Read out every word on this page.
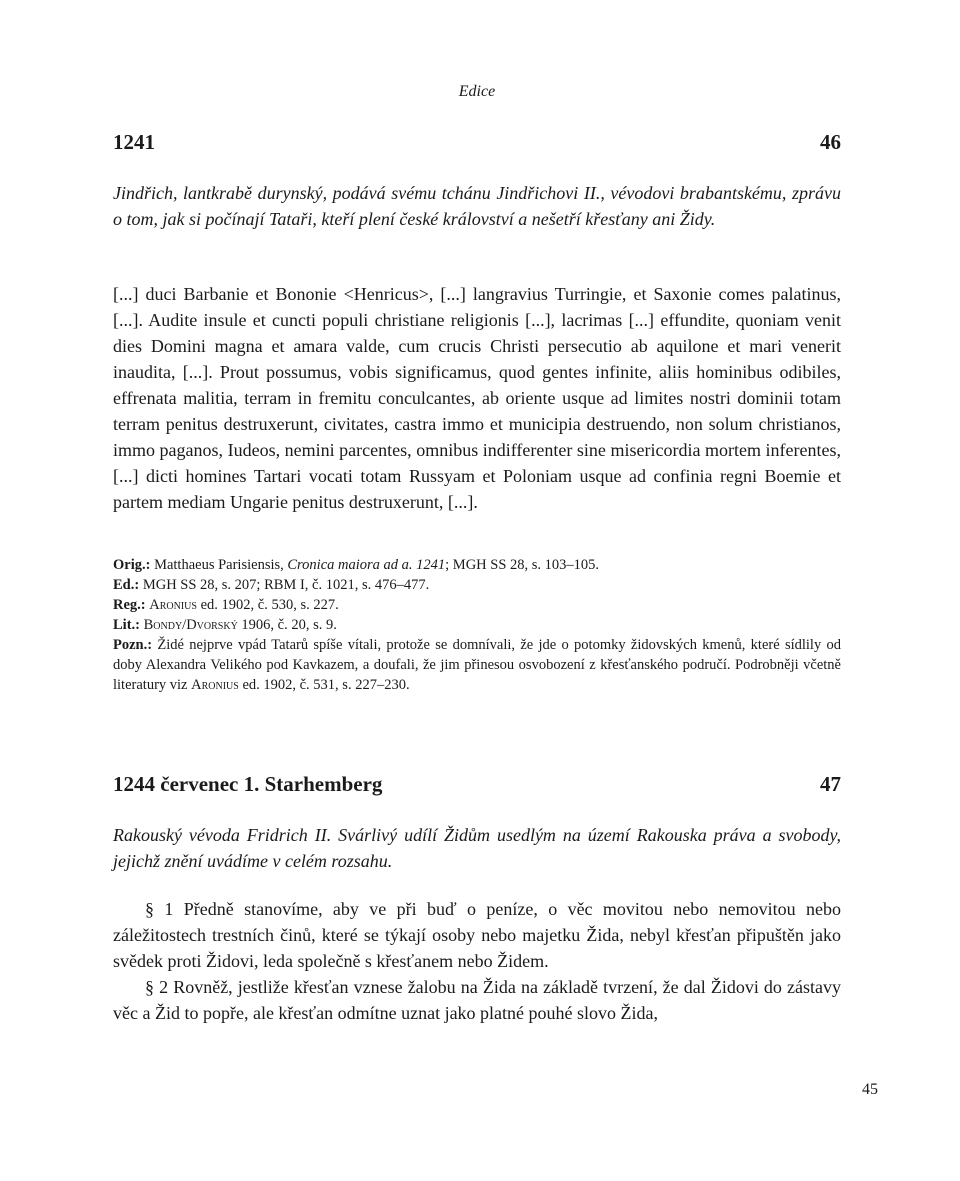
Edice
1241	46
Jindřich, lantkrabě durynský, podává svému tchánu Jindřichovi II., vévodovi brabantskému, zprávu o tom, jak si počínají Tataři, kteří plení české království a nešetří křesťany ani Židy.

[...] duci Barbanie et Bononie <Henricus>, [...] langravius Turringie, et Saxonie comes palatinus, [...]. Audite insule et cuncti populi christiane religionis [...], lacrimas [...] effundite, quoniam venit dies Domini magna et amara valde, cum crucis Christi persecutio ab aquilone et mari venerit inaudita, [...]. Prout possumus, vobis significamus, quod gentes infinite, aliis hominibus odibiles, effrenata malitia, terram in fremitu conculcantes, ab oriente usque ad limites nostri dominii totam terram penitus destruxerunt, civitates, castra immo et municipia destruendo, non solum christianos, immo paganos, Iudeos, nemini parcentes, omnibus indifferenter sine misericordia mortem inferentes, [...] dicti homines Tartari vocati totam Russyam et Poloniam usque ad confinia regni Boemie et partem mediam Ungarie penitus destruxerunt, [...].

Orig.: Matthaeus Parisiensis, Cronica maiora ad a. 1241; MGH SS 28, s. 103–105.
Ed.: MGH SS 28, s. 207; RBM I, č. 1021, s. 476–477.
Reg.: Aronius ed. 1902, č. 530, s. 227.
Lit.: Bondy/Dvorský 1906, č. 20, s. 9.
Pozn.: Židé nejprve vpád Tatarů spíše vítali, protože se domnívali, že jde o potomky židovských kmenů, které sídlily od doby Alexandra Velikého pod Kavkazem, a doufali, že jim přinesou osvobození z křesťanského područí. Podrobněji včetně literatury viz Aronius ed. 1902, č. 531, s. 227–230.
1244 červenec 1. Starhemberg	47
Rakouský vévoda Fridrich II. Svárlivý udílí Židům usedlým na území Rakouska práva a svobody, jejichž znění uvádíme v celém rozsahu.

§ 1 Předně stanovíme, aby ve při buď o peníze, o věc movitou nebo nemovitou nebo záležitostech trestních činů, které se týkají osoby nebo majetku Žida, nebyl křesťan připuštěn jako svědek proti Židovi, leda společně s křesťanem nebo Židem.

§ 2 Rovněž, jestliže křesťan vznese žalobu na Žida na základě tvrzení, že dal Židovi do zástavy věc a Žid to popře, ale křesťan odmítne uznat jako platné pouhé slovo Žida,

45
